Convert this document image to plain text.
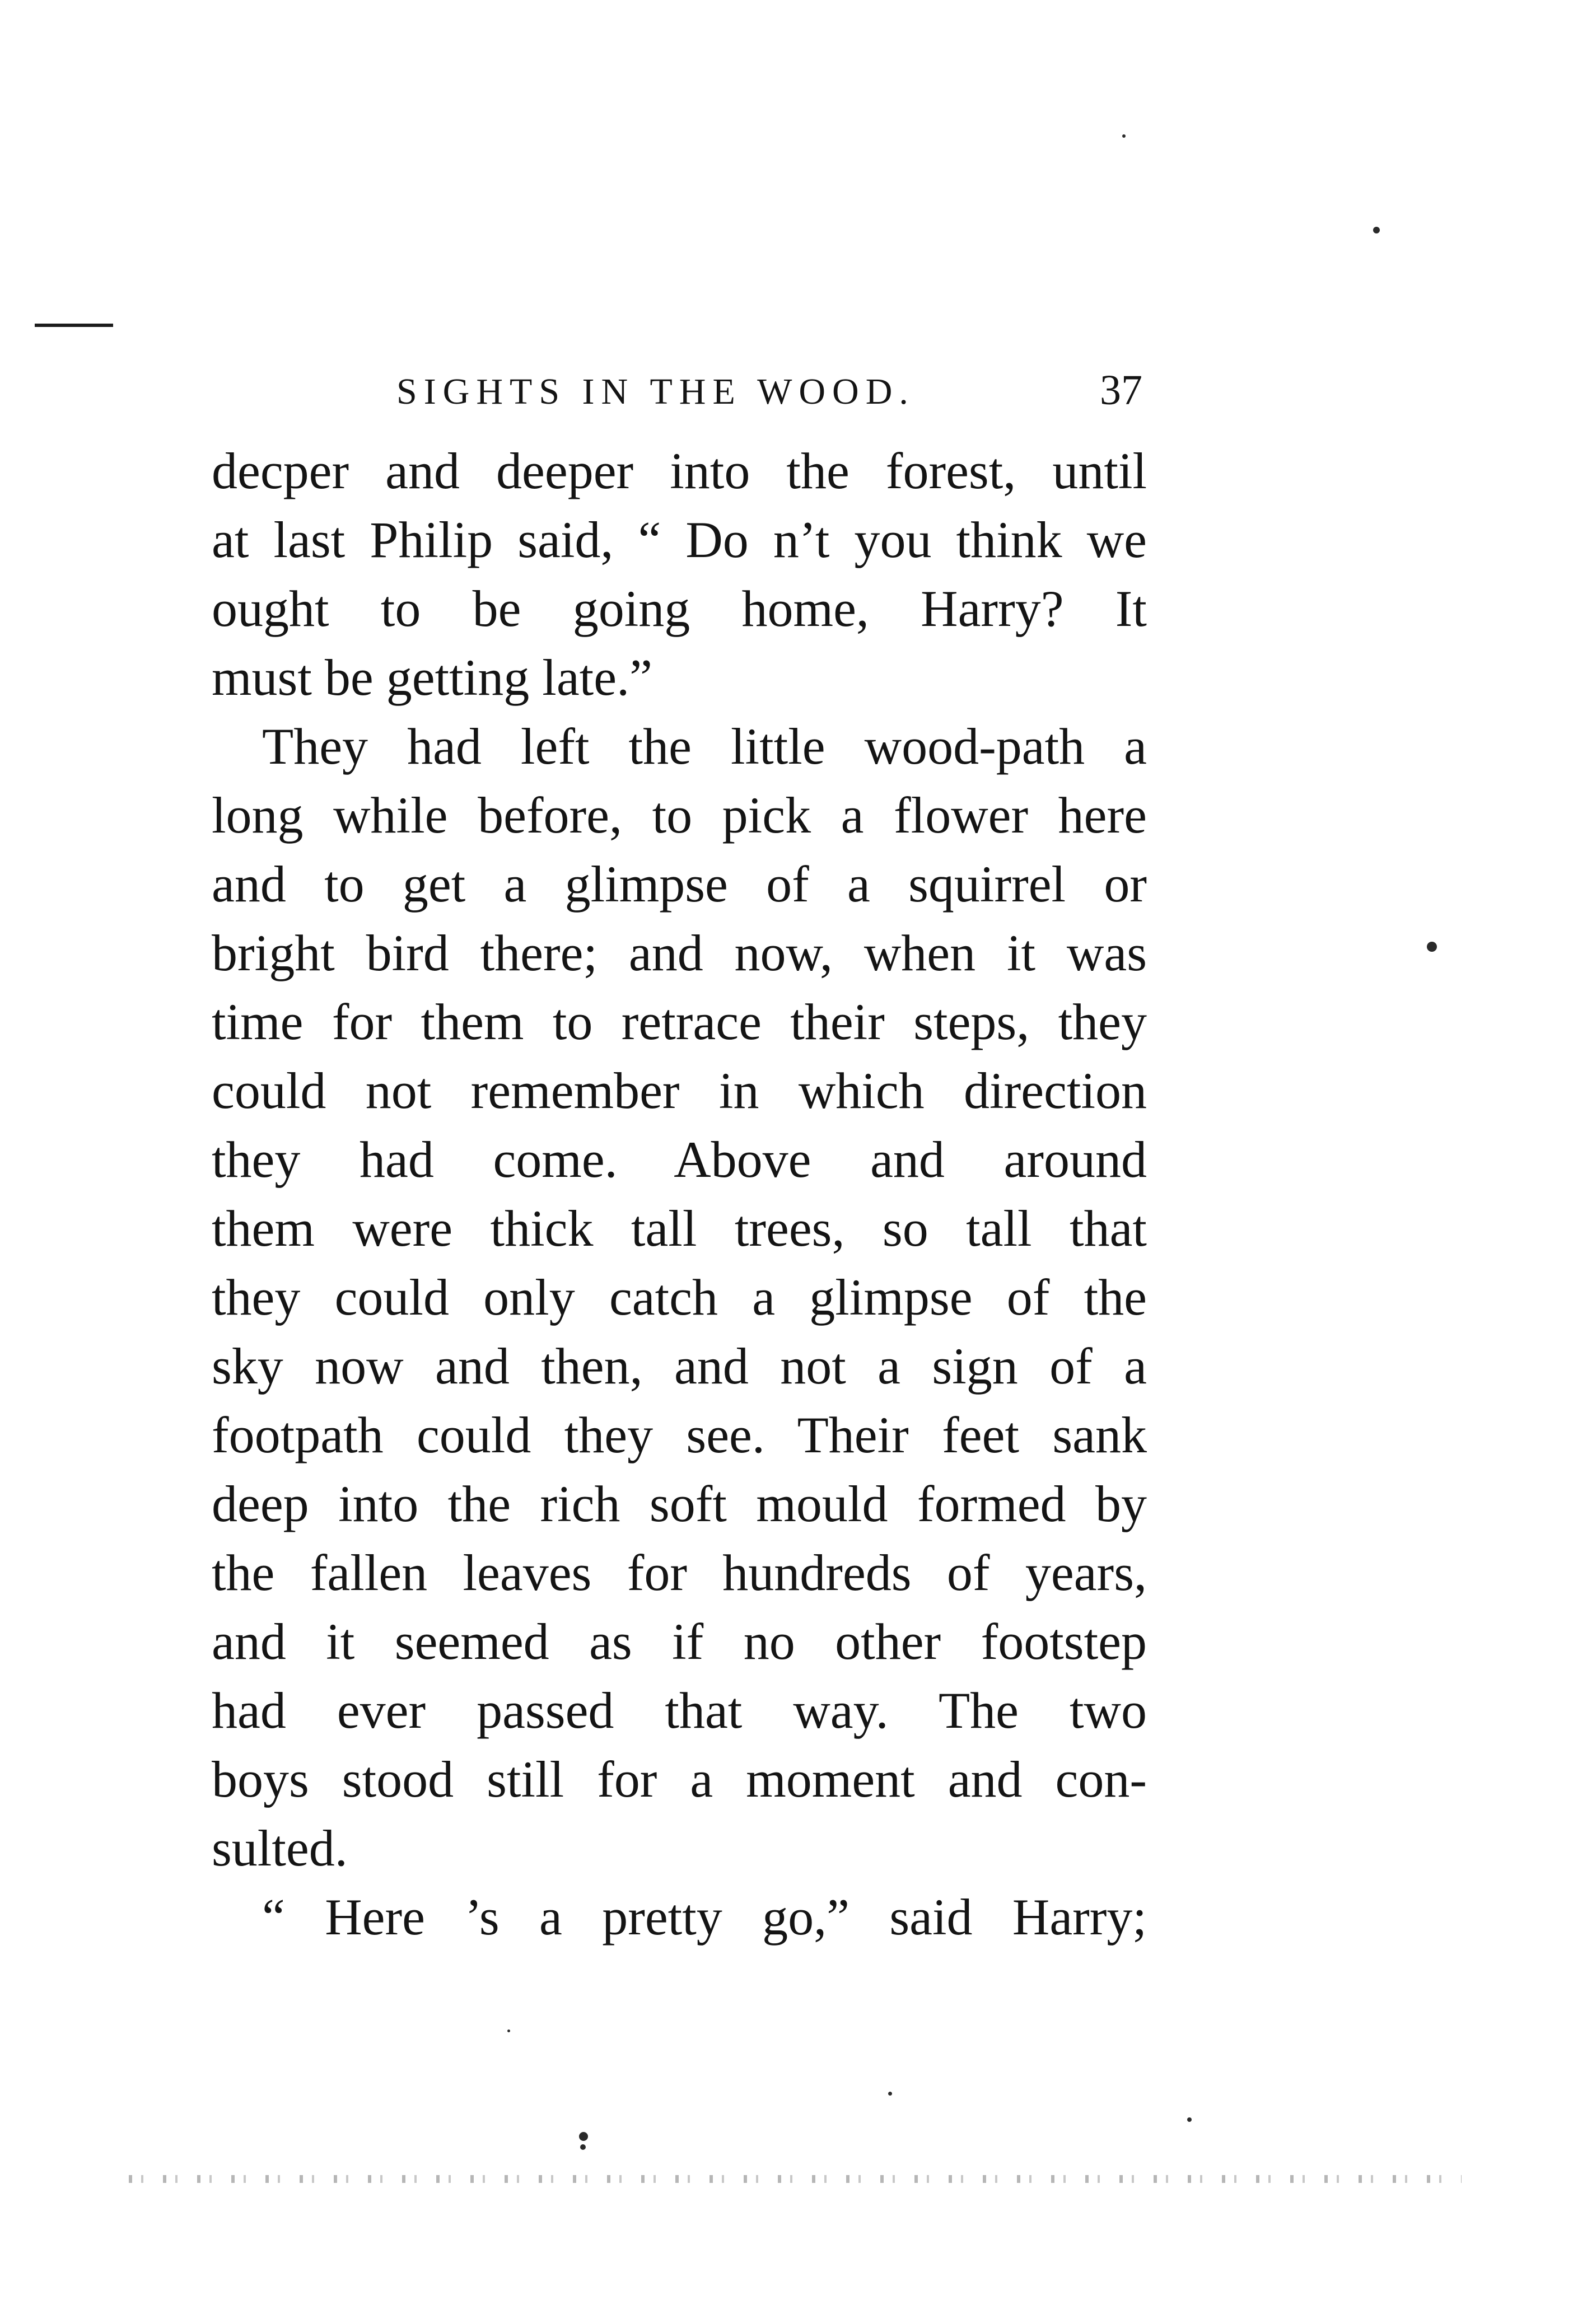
SIGHTS IN THE WOOD.	37
decper and deeper into the forest, until
at last Philip said, “ Do n’t you think we
ought to be going home, Harry? It
must be getting late.”
They had left the little wood-path a
long while before, to pick a flower here
and to get a glimpse of a squirrel or
bright bird there; and now, when it was
time for them to retrace their steps, they
could not remember in which direction
they had come. Above and around
them were thick tall trees, so tall that
they could only catch a glimpse of the
sky now and then, and not a sign of a
footpath could they see. Their feet sank
deep into the rich soft mould formed by
the fallen leaves for hundreds of years,
and it seemed as if no other footstep
had ever passed that way. The two
boys stood still for a moment and con-
sulted.
“ Here ’s a pretty go,” said Harry;
